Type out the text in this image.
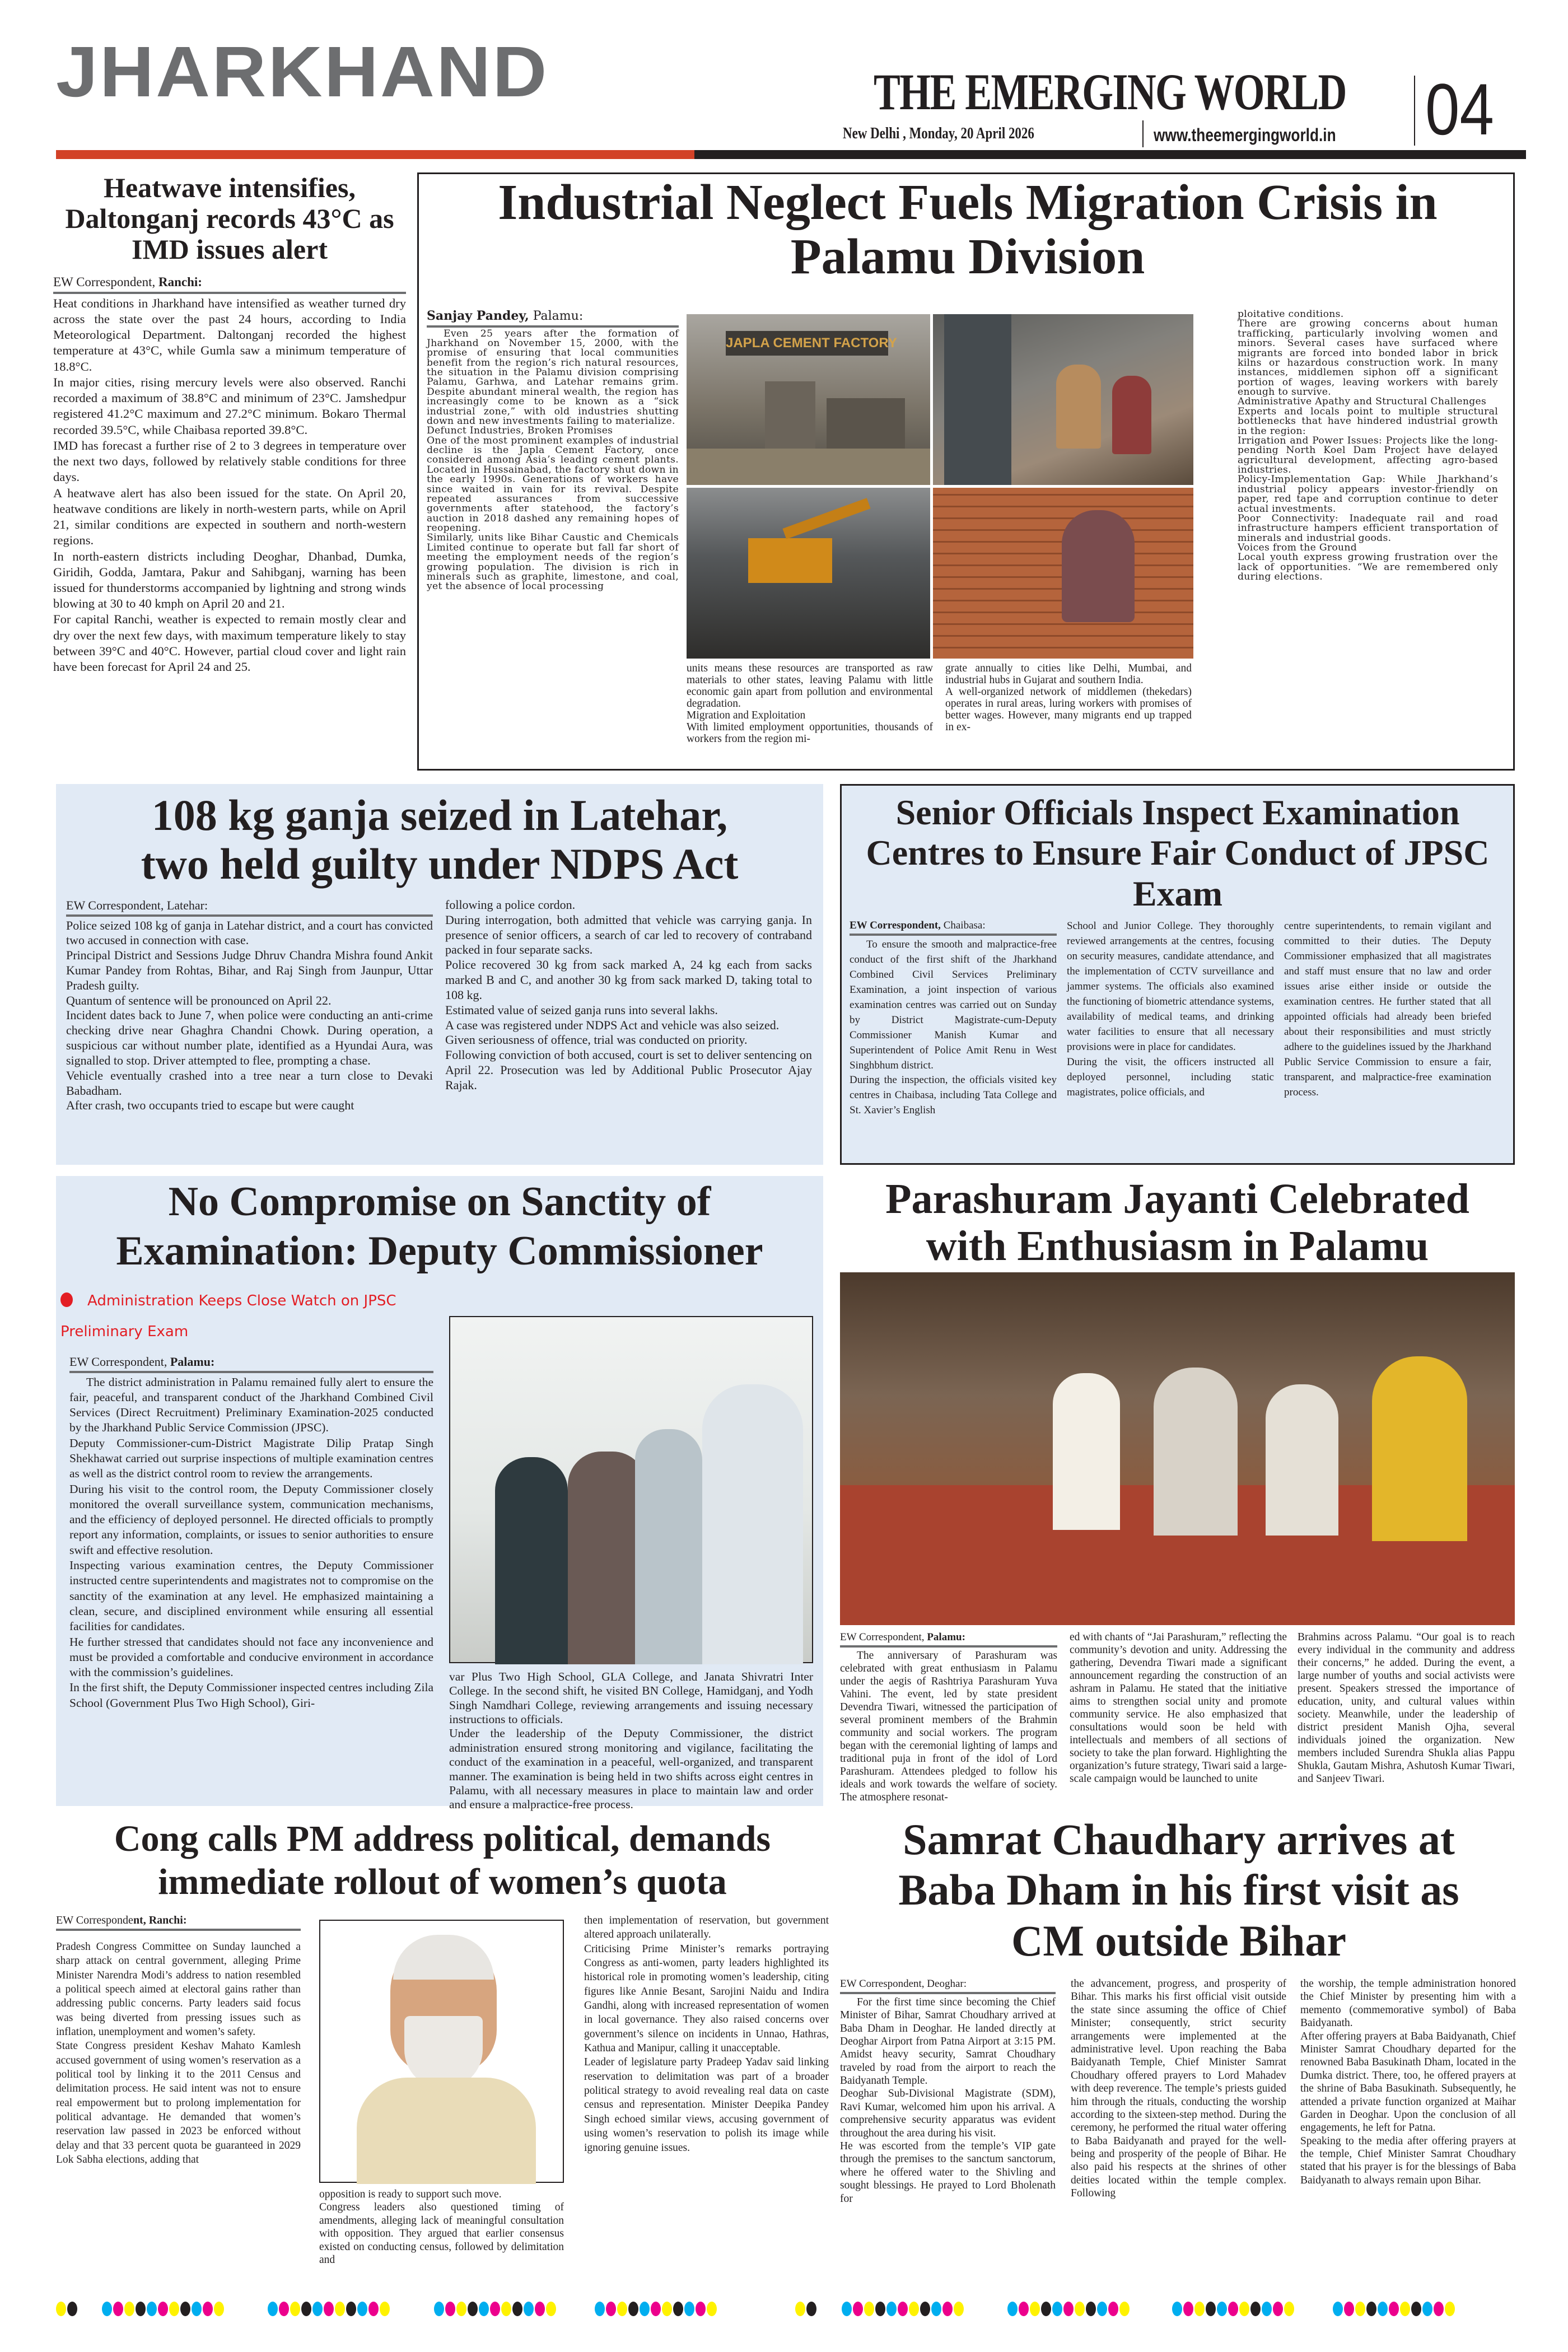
JHARKHAND	THE EMERGING WORLD
New Delhi , Monday, 20 April 2026	www.theemergingworld.in 04
Heatwave intensifies, Daltonganj records 43°C as IMD issues alert
EW Correspondent, Ranchi:

Heat conditions in Jharkhand have intensified as weather turned dry across the state over the past 24 hours, according to India Meteorological Department. Daltonganj recorded the highest temperature at 43°C, while Gumla saw a minimum temperature of 18.8°C.

In major cities, rising mercury levels were also observed. Ranchi recorded a maximum of 38.8°C and minimum of 23°C. Jamshedpur registered 41.2°C maximum and 27.2°C minimum. Bokaro Thermal recorded 39.5°C, while Chaibasa reported 39.8°C.

IMD has forecast a further rise of 2 to 3 degrees in temperature over the next two days, followed by relatively stable conditions for three days.

A heatwave alert has also been issued for the state. On April 20, heatwave conditions are likely in north-western parts, while on April 21, similar conditions are expected in southern and north-western regions.

In north-eastern districts including Deoghar, Dhanbad, Dumka, Giridih, Godda, Jamtara, Pakur and Sahibganj, warning has been issued for thunderstorms accompanied by lightning and strong winds blowing at 30 to 40 kmph on April 20 and 21.

For capital Ranchi, weather is expected to remain mostly clear and dry over the next few days, with maximum temperature likely to stay between 39°C and 40°C. However, partial cloud cover and light rain have been forecast for April 24 and 25.

Industrial Neglect Fuels Migration Crisis in Palamu Division
Sanjay Pandey, Palamu:

Even 25 years after the formation of Jharkhand on November 15, 2000, with the promise of ensuring that local communities benefit from the region’s rich natural resources, the situation in the Palamu division comprising Palamu, Garhwa, and Latehar remains grim. Despite abundant mineral wealth, the region has increasingly come to be known as a “sick industrial zone,” with old industries shutting down and new investments failing to materialize.

Defunct Industries, Broken Promises

One of the most prominent examples of industrial decline is the Japla Cement Factory, once considered among Asia’s leading cement plants. Located in Hussainabad, the factory shut down in the early 1990s. Generations of workers have since waited in vain for its revival. Despite repeated assurances from successive governments after statehood, the factory’s auction in 2018 dashed any remaining hopes of reopening.

Similarly, units like Bihar Caustic and Chemicals Limited continue to operate but fall far short of meeting the employment needs of the region’s growing population. The division is rich in minerals such as graphite, limestone, and coal, yet the absence of local processing

JAPLA CEMENT FACTORY

units means these resources are transported as raw materials to other states, leaving Palamu with little economic gain apart from pollution and environmental degradation.

Migration and Exploitation

With limited employment opportunities, thousands of workers from the region mi-

grate annually to cities like Delhi, Mumbai, and industrial hubs in Gujarat and southern India.

A well-organized network of middlemen (thekedars) operates in rural areas, luring workers with promises of better wages. However, many migrants end up trapped in ex-

ploitative conditions.

There are growing concerns about human trafficking, particularly involving women and minors. Several cases have surfaced where migrants are forced into bonded labor in brick kilns or hazardous construction work. In many instances, middlemen siphon off a significant portion of wages, leaving workers with barely enough to survive.

Administrative Apathy and Structural Challenges

Experts and locals point to multiple structural bottlenecks that have hindered industrial growth in the region:

Irrigation and Power Issues: Projects like the long-pending North Koel Dam Project have delayed agricultural development, affecting agro-based industries.

Policy-Implementation Gap: While Jharkhand’s industrial policy appears investor-friendly on paper, red tape and corruption continue to deter actual investments.

Poor Connectivity: Inadequate rail and road infrastructure hampers efficient transportation of minerals and industrial goods.

Voices from the Ground

Local youth express growing frustration over the lack of opportunities. “We are remembered only during elections.

108 kg ganja seized in Latehar, two held guilty under NDPS Act
EW Correspondent, Latehar:

Police seized 108 kg of ganja in Latehar district, and a court has convicted two accused in connection with case.

Principal District and Sessions Judge Dhruv Chandra Mishra found Ankit Kumar Pandey from Rohtas, Bihar, and Raj Singh from Jaunpur, Uttar Pradesh guilty.

Quantum of sentence will be pronounced on April 22.

Incident dates back to June 7, when police were conducting an anti-crime checking drive near Ghaghra Chandni Chowk. During operation, a suspicious car without number plate, identified as a Hyundai Aura, was signalled to stop. Driver attempted to flee, prompting a chase.

Vehicle eventually crashed into a tree near a turn close to Devaki Babadham.

After crash, two occupants tried to escape but were caught

following a police cordon.

During interrogation, both admitted that vehicle was carrying ganja. In presence of senior officers, a search of car led to recovery of contraband packed in four separate sacks.

Police recovered 30 kg from sack marked A, 24 kg each from sacks marked B and C, and another 30 kg from sack marked D, taking total to 108 kg.

Estimated value of seized ganja runs into several lakhs.

A case was registered under NDPS Act and vehicle was also seized.

Given seriousness of offence, trial was conducted on priority.

Following conviction of both accused, court is set to deliver sentencing on April 22. Prosecution was led by Additional Public Prosecutor Ajay Rajak.

Senior Officials Inspect Examination Centres to Ensure Fair Conduct of JPSC Exam
EW Correspondent, Chaibasa:

To ensure the smooth and malpractice-free conduct of the first shift of the Jharkhand Combined Civil Services Preliminary Examination, a joint inspection of various examination centres was carried out on Sunday by District Magistrate-cum-Deputy Commissioner Manish Kumar and Superintendent of Police Amit Renu in West Singhbhum district.

During the inspection, the officials visited key centres in Chaibasa, including Tata College and St. Xavier’s English

School and Junior College. They thoroughly reviewed arrangements at the centres, focusing on security measures, candidate attendance, and the implementation of CCTV surveillance and jammer systems. The officials also examined the functioning of biometric attendance systems, availability of medical teams, and drinking water facilities to ensure that all necessary provisions were in place for candidates.

During the visit, the officers instructed all deployed personnel, including static magistrates, police officials, and

centre superintendents, to remain vigilant and committed to their duties. The Deputy Commissioner emphasized that all magistrates and staff must ensure that no law and order issues arise either inside or outside the examination centres. He further stated that all appointed officials had already been briefed about their responsibilities and must strictly adhere to the guidelines issued by the Jharkhand Public Service Commission to ensure a fair, transparent, and malpractice-free examination process.

No Compromise on Sanctity of Examination: Deputy Commissioner
Administration Keeps Close Watch on JPSC Preliminary Exam
EW Correspondent, Palamu:

The district administration in Palamu remained fully alert to ensure the fair, peaceful, and transparent conduct of the Jharkhand Combined Civil Services (Direct Recruitment) Preliminary Examination-2025 conducted by the Jharkhand Public Service Commission (JPSC).

Deputy Commissioner-cum-District Magistrate Dilip Pratap Singh Shekhawat carried out surprise inspections of multiple examination centres as well as the district control room to review the arrangements.

During his visit to the control room, the Deputy Commissioner closely monitored the overall surveillance system, communication mechanisms, and the efficiency of deployed personnel. He directed officials to promptly report any information, complaints, or issues to senior authorities to ensure swift and effective resolution.

Inspecting various examination centres, the Deputy Commissioner instructed centre superintendents and magistrates not to compromise on the sanctity of the examination at any level. He emphasized maintaining a clean, secure, and disciplined environment while ensuring all essential facilities for candidates.

He further stressed that candidates should not face any inconvenience and must be provided a comfortable and conducive environment in accordance with the commission’s guidelines.

In the first shift, the Deputy Commissioner inspected centres including Zila School (Government Plus Two High School), Giri-

var Plus Two High School, GLA College, and Janata Shivratri Inter College. In the second shift, he visited BN College, Hamidganj, and Yodh Singh Namdhari College, reviewing arrangements and issuing necessary instructions to officials.

Under the leadership of the Deputy Commissioner, the district administration ensured strong monitoring and vigilance, facilitating the conduct of the examination in a peaceful, well-organized, and transparent manner. The examination is being held in two shifts across eight centres in Palamu, with all necessary measures in place to maintain law and order and ensure a malpractice-free process.

Parashuram Jayanti Celebrated with Enthusiasm in Palamu
EW Correspondent, Palamu:

The anniversary of Parashuram was celebrated with great enthusiasm in Palamu under the aegis of Rashtriya Parashuram Yuva Vahini. The event, led by state president Devendra Tiwari, witnessed the participation of several prominent members of the Brahmin community and social workers. The program began with the ceremonial lighting of lamps and traditional puja in front of the idol of Lord Parashuram. Attendees pledged to follow his ideals and work towards the welfare of society. The atmosphere resonat-

ed with chants of “Jai Parashuram,” reflecting the community’s devotion and unity. Addressing the gathering, Devendra Tiwari made a significant announcement regarding the construction of an ashram in Palamu. He stated that the initiative aims to strengthen social unity and promote community service. He also emphasized that consultations would soon be held with intellectuals and members of all sections of society to take the plan forward. Highlighting the organization’s future strategy, Tiwari said a large-scale campaign would be launched to unite

Brahmins across Palamu. “Our goal is to reach every individual in the community and address their concerns,” he added. During the event, a large number of youths and social activists were present. Speakers stressed the importance of education, unity, and cultural values within society. Meanwhile, under the leadership of district president Manish Ojha, several individuals joined the organization. New members included Surendra Shukla alias Pappu Shukla, Gautam Mishra, Ashutosh Kumar Tiwari, and Sanjeev Tiwari.

Cong calls PM address political, demands immediate rollout of women’s quota
EW Correspondent, Ranchi:

Pradesh Congress Committee on Sunday launched a sharp attack on central government, alleging Prime Minister Narendra Modi’s address to nation resembled a political speech aimed at electoral gains rather than addressing public concerns. Party leaders said focus was being diverted from pressing issues such as inflation, unemployment and women’s safety.

State Congress president Keshav Mahato Kamlesh accused government of using women’s reservation as a political tool by linking it to the 2011 Census and delimitation process. He said intent was not to ensure real empowerment but to prolong implementation for political advantage. He demanded that women’s reservation law passed in 2023 be enforced without delay and that 33 percent quota be guaranteed in 2029 Lok Sabha elections, adding that

opposition is ready to support such move.

Congress leaders also questioned timing of amendments, alleging lack of meaningful consultation with opposition. They argued that earlier consensus existed on conducting census, followed by delimitation and

then implementation of reservation, but government altered approach unilaterally.

Criticising Prime Minister’s remarks portraying Congress as anti-women, party leaders highlighted its historical role in promoting women’s leadership, citing figures like Annie Besant, Sarojini Naidu and Indira Gandhi, along with increased representation of women in local governance. They also raised concerns over government’s silence on incidents in Unnao, Hathras, Kathua and Manipur, calling it unacceptable.

Leader of legislature party Pradeep Yadav said linking reservation to delimitation was part of a broader political strategy to avoid revealing real data on caste census and representation. Minister Deepika Pandey Singh echoed similar views, accusing government of using women’s reservation to polish its image while ignoring genuine issues.

Samrat Chaudhary arrives at Baba Dham in his first visit as CM outside Bihar
EW Correspondent, Deoghar:

For the first time since becoming the Chief Minister of Bihar, Samrat Choudhary arrived at Baba Dham in Deoghar. He landed directly at Deoghar Airport from Patna Airport at 3:15 PM. Amidst heavy security, Samrat Choudhary traveled by road from the airport to reach the Baidyanath Temple.

Deoghar Sub-Divisional Magistrate (SDM), Ravi Kumar, welcomed him upon his arrival. A comprehensive security apparatus was evident throughout the area during his visit.

He was escorted from the temple’s VIP gate through the premises to the sanctum sanctorum, where he offered water to the Shivling and sought blessings. He prayed to Lord Bholenath for

the advancement, progress, and prosperity of Bihar. This marks his first official visit outside the state since assuming the office of Chief Minister; consequently, strict security arrangements were implemented at the administrative level. Upon reaching the Baba Baidyanath Temple, Chief Minister Samrat Choudhary offered prayers to Lord Mahadev with deep reverence. The temple’s priests guided him through the rituals, conducting the worship according to the sixteen-step method. During the ceremony, he performed the ritual water offering to Baba Baidyanath and prayed for the well-being and prosperity of the people of Bihar. He also paid his respects at the shrines of other deities located within the temple complex. Following

the worship, the temple administration honored the Chief Minister by presenting him with a memento (commemorative symbol) of Baba Baidyanath.

After offering prayers at Baba Baidyanath, Chief Minister Samrat Choudhary departed for the renowned Baba Basukinath Dham, located in the Dumka district. There, too, he offered prayers at the shrine of Baba Basukinath. Subsequently, he attended a private function organized at Maihar Garden in Deoghar. Upon the conclusion of all engagements, he left for Patna.

Speaking to the media after offering prayers at the temple, Chief Minister Samrat Choudhary stated that his prayer is for the blessings of Baba Baidyanath to always remain upon Bihar.
